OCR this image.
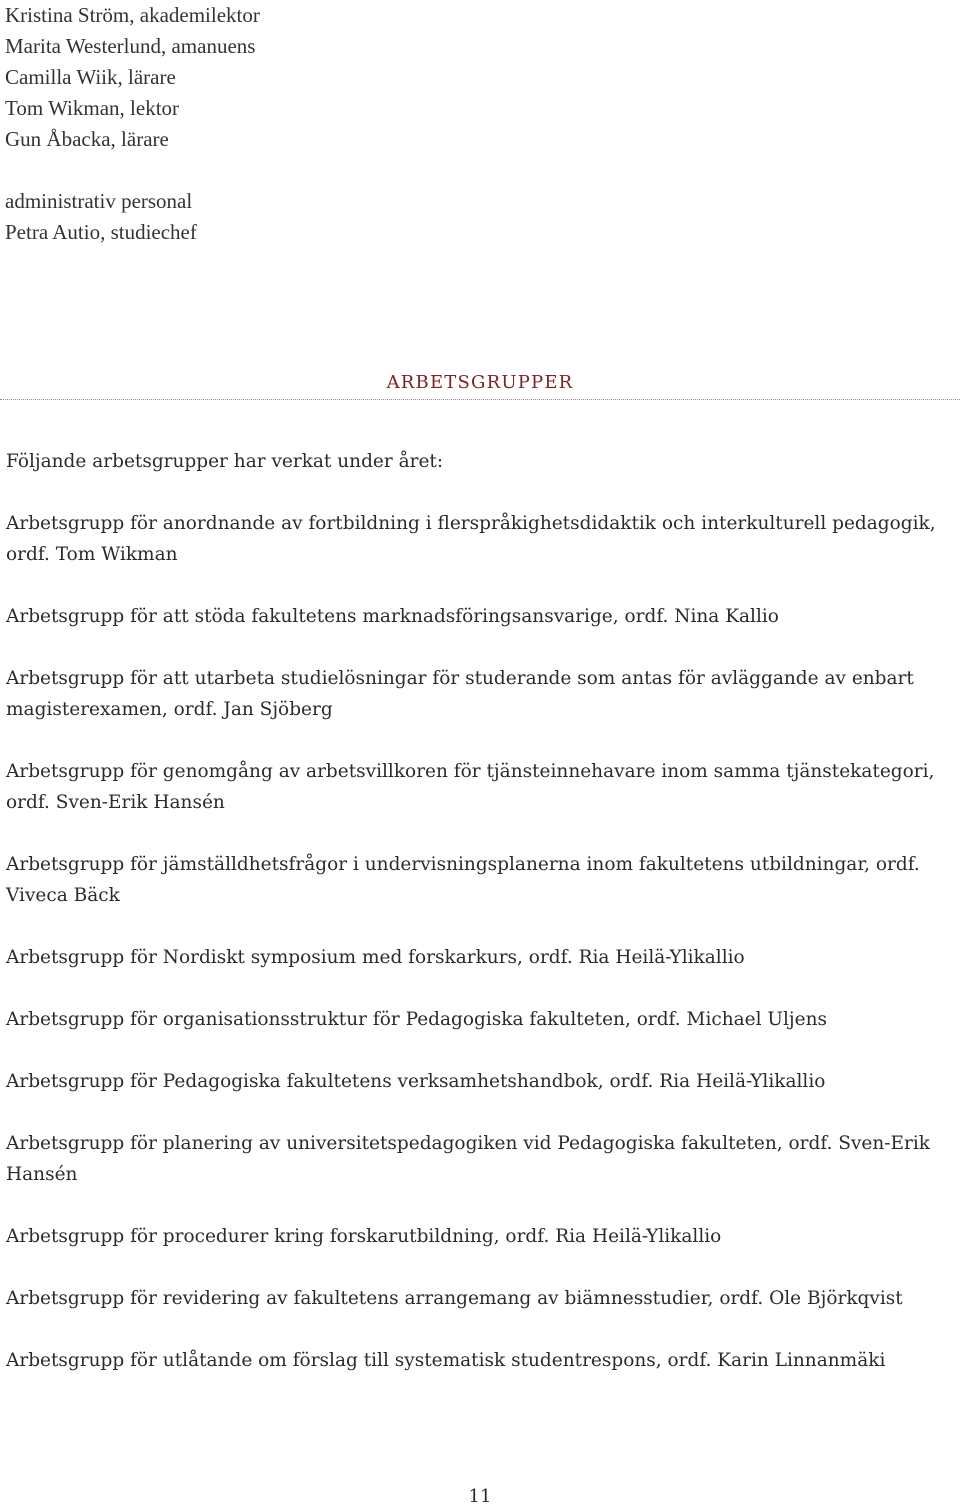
Kristina Ström, akademilektor
Marita Westerlund, amanuens
Camilla Wiik, lärare
Tom Wikman, lektor
Gun Åbacka, lärare
administrativ personal
Petra Autio, studiechef
ARBETSGRUPPER

Följande arbetsgrupper har verkat under året:

Arbetsgrupp för anordnande av fortbildning i flerspråkighetsdidaktik och interkulturell pedagogik, ordf. Tom Wikman

Arbetsgrupp för att stöda fakultetens marknadsföringsansvarige, ordf. Nina Kallio

Arbetsgrupp för att utarbeta studielösningar för studerande som antas för avläggande av enbart magisterexamen, ordf. Jan Sjöberg

Arbetsgrupp för genomgång av arbetsvillkoren för tjänsteinnehavare inom samma tjänstekategori, ordf. Sven-Erik Hansén

Arbetsgrupp för jämställdhetsfrågor i undervisningsplanerna inom fakultetens utbildningar, ordf. Viveca Bäck

Arbetsgrupp för Nordiskt symposium med forskarkurs, ordf. Ria Heilä-Ylikallio

Arbetsgrupp för organisationsstruktur för Pedagogiska fakulteten, ordf. Michael Uljens

Arbetsgrupp för Pedagogiska fakultetens verksamhetshandbok, ordf. Ria Heilä-Ylikallio

Arbetsgrupp för planering av universitetspedagogiken vid Pedagogiska fakulteten, ordf. Sven-Erik Hansén

Arbetsgrupp för procedurer kring forskarutbildning, ordf. Ria Heilä-Ylikallio

Arbetsgrupp för revidering av fakultetens arrangemang av biämnesstudier, ordf. Ole Björkqvist

Arbetsgrupp för utlåtande om förslag till systematisk studentrespons, ordf. Karin Linnanmäki

11
